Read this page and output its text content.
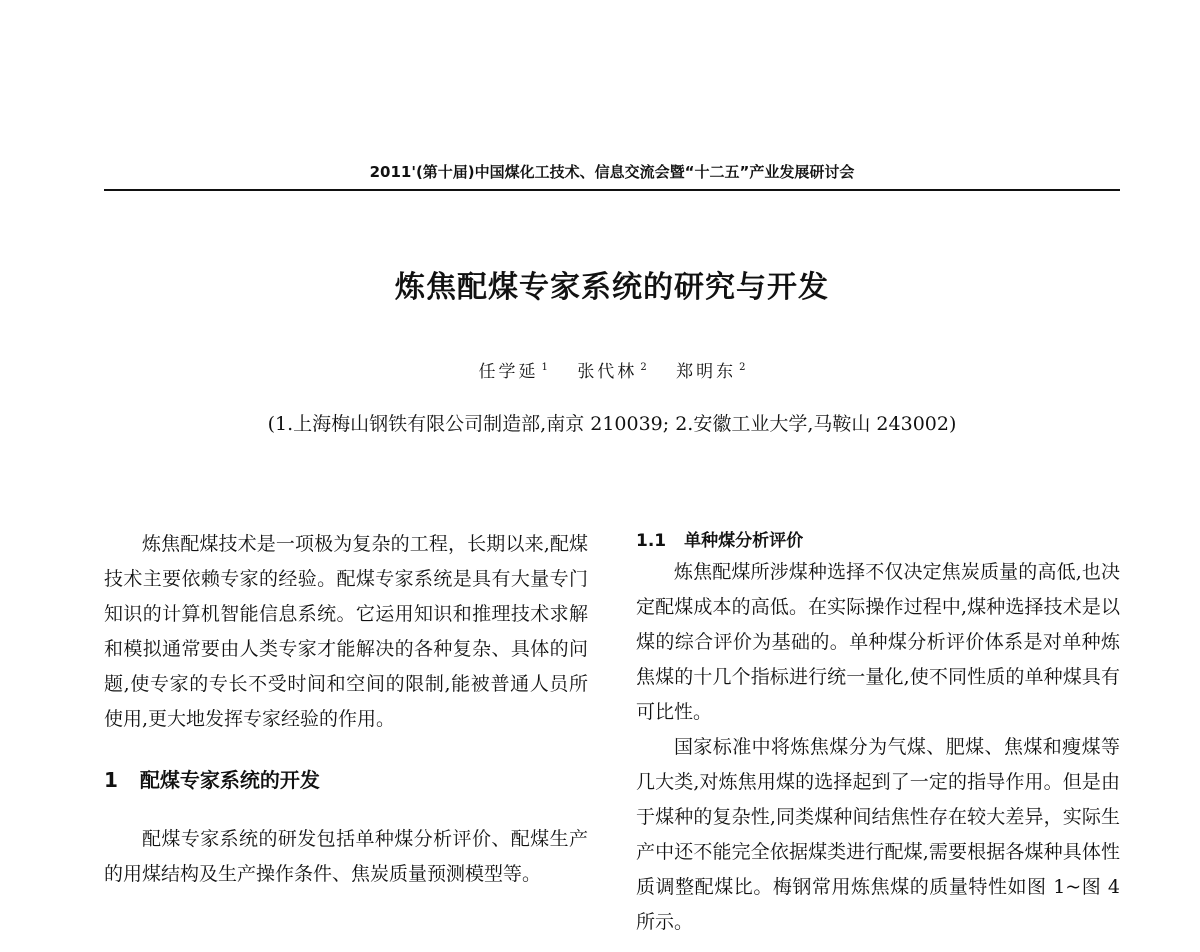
2011'(第十届)中国煤化工技术、信息交流会暨“十二五”产业发展研讨会
炼焦配煤专家系统的研究与开发
任学延 $^1$ 张代林 $^2$ 郑明东 $^2$
(1.上海梅山钢铁有限公司制造部,南京 210039; 2.安徽工业大学,马鞍山 243002)

炼焦配煤技术是一项极为复杂的工程，长期以来,配煤技术主要依赖专家的经验。配煤专家系统是具有大量专门知识的计算机智能信息系统。它运用知识和推理技术求解和模拟通常要由人类专家才能解决的各种复杂、具体的问题,使专家的专长不受时间和空间的限制,能被普通人员所使用,更大地发挥专家经验的作用。

1 配煤专家系统的开发

配煤专家系统的研发包括单种煤分析评价、配煤生产的用煤结构及生产操作条件、焦炭质量预测模型等。

1.1 单种煤分析评价

炼焦配煤所涉煤种选择不仅决定焦炭质量的高低,也决定配煤成本的高低。在实际操作过程中,煤种选择技术是以煤的综合评价为基础的。单种煤分析评价体系是对单种炼焦煤的十几个指标进行统一量化,使不同性质的单种煤具有可比性。

国家标准中将炼焦煤分为气煤、肥煤、焦煤和瘦煤等几大类,对炼焦用煤的选择起到了一定的指导作用。但是由于煤种的复杂性,同类煤种间结焦性存在较大差异，实际生产中还不能完全依据煤类进行配煤,需要根据各煤种具体性质调整配煤比。梅钢常用炼焦煤的质量特性如图 1~图 4 所示。
